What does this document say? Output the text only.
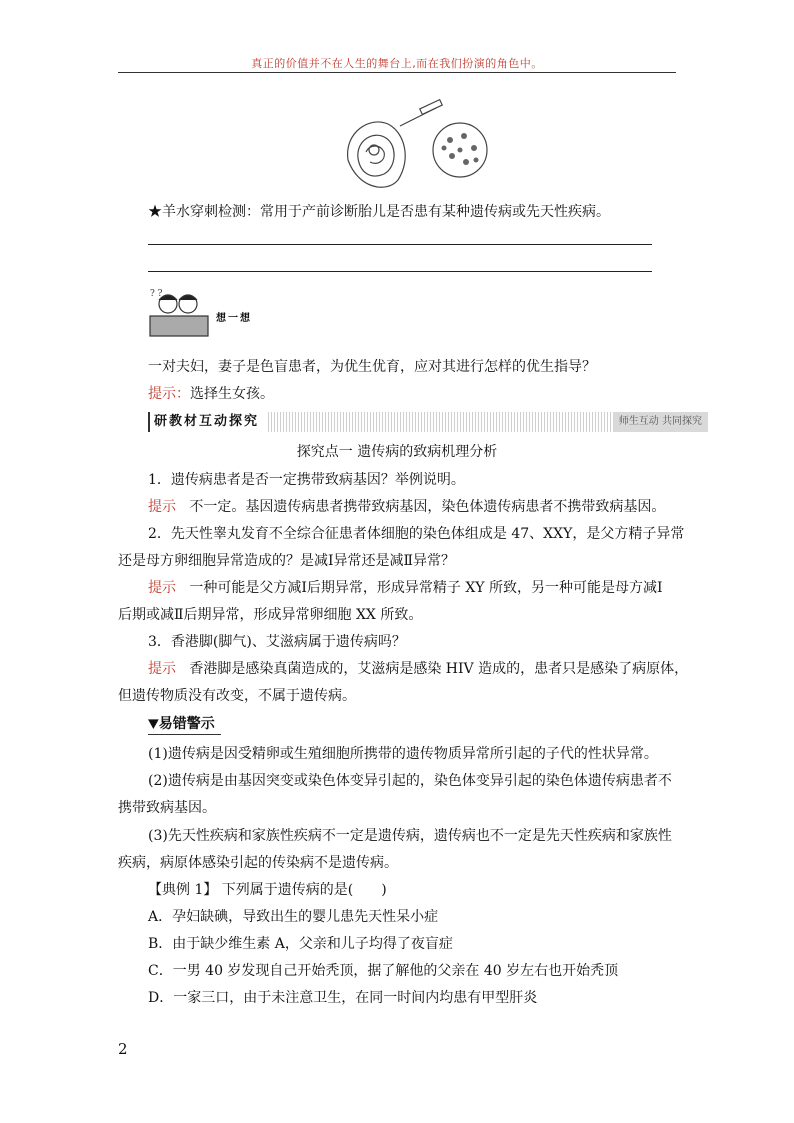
真正的价值并不在人生的舞台上,而在我们扮演的角色中。
★羊水穿刺检测：常用于产前诊断胎儿是否患有某种遗传病或先天性疾病。
? ?
想一想
一对夫妇，妻子是色盲患者，为优生优育，应对其进行怎样的优生指导？
提示：选择生女孩。
研教材互动探究	师生互动 共同探究
探究点一 遗传病的致病机理分析
1．遗传病患者是否一定携带致病基因？举例说明。
提示 不一定。基因遗传病患者携带致病基因，染色体遗传病患者不携带致病基因。
2．先天性睾丸发育不全综合征患者体细胞的染色体组成是 47、XXY，是父方精子异常
还是母方卵细胞异常造成的？是减Ⅰ异常还是减Ⅱ异常？
提示 一种可能是父方减Ⅰ后期异常，形成异常精子 XY 所致，另一种可能是母方减Ⅰ
后期或减Ⅱ后期异常，形成异常卵细胞 XX 所致。
3．香港脚(脚气)、艾滋病属于遗传病吗？
提示 香港脚是感染真菌造成的，艾滋病是感染 HIV 造成的，患者只是感染了病原体，
但遗传物质没有改变，不属于遗传病。
▼易错警示
(1)遗传病是因受精卵或生殖细胞所携带的遗传物质异常所引起的子代的性状异常。
(2)遗传病是由基因突变或染色体变异引起的，染色体变异引起的染色体遗传病患者不
携带致病基因。
(3)先天性疾病和家族性疾病不一定是遗传病，遗传病也不一定是先天性疾病和家族性
疾病，病原体感染引起的传染病不是遗传病。
【典例 1】 下列属于遗传病的是(　　)
A．孕妇缺碘，导致出生的婴儿患先天性呆小症
B．由于缺少维生素 A，父亲和儿子均得了夜盲症
C．一男 40 岁发现自己开始秃顶，据了解他的父亲在 40 岁左右也开始秃顶
D．一家三口，由于未注意卫生，在同一时间内均患有甲型肝炎
2
